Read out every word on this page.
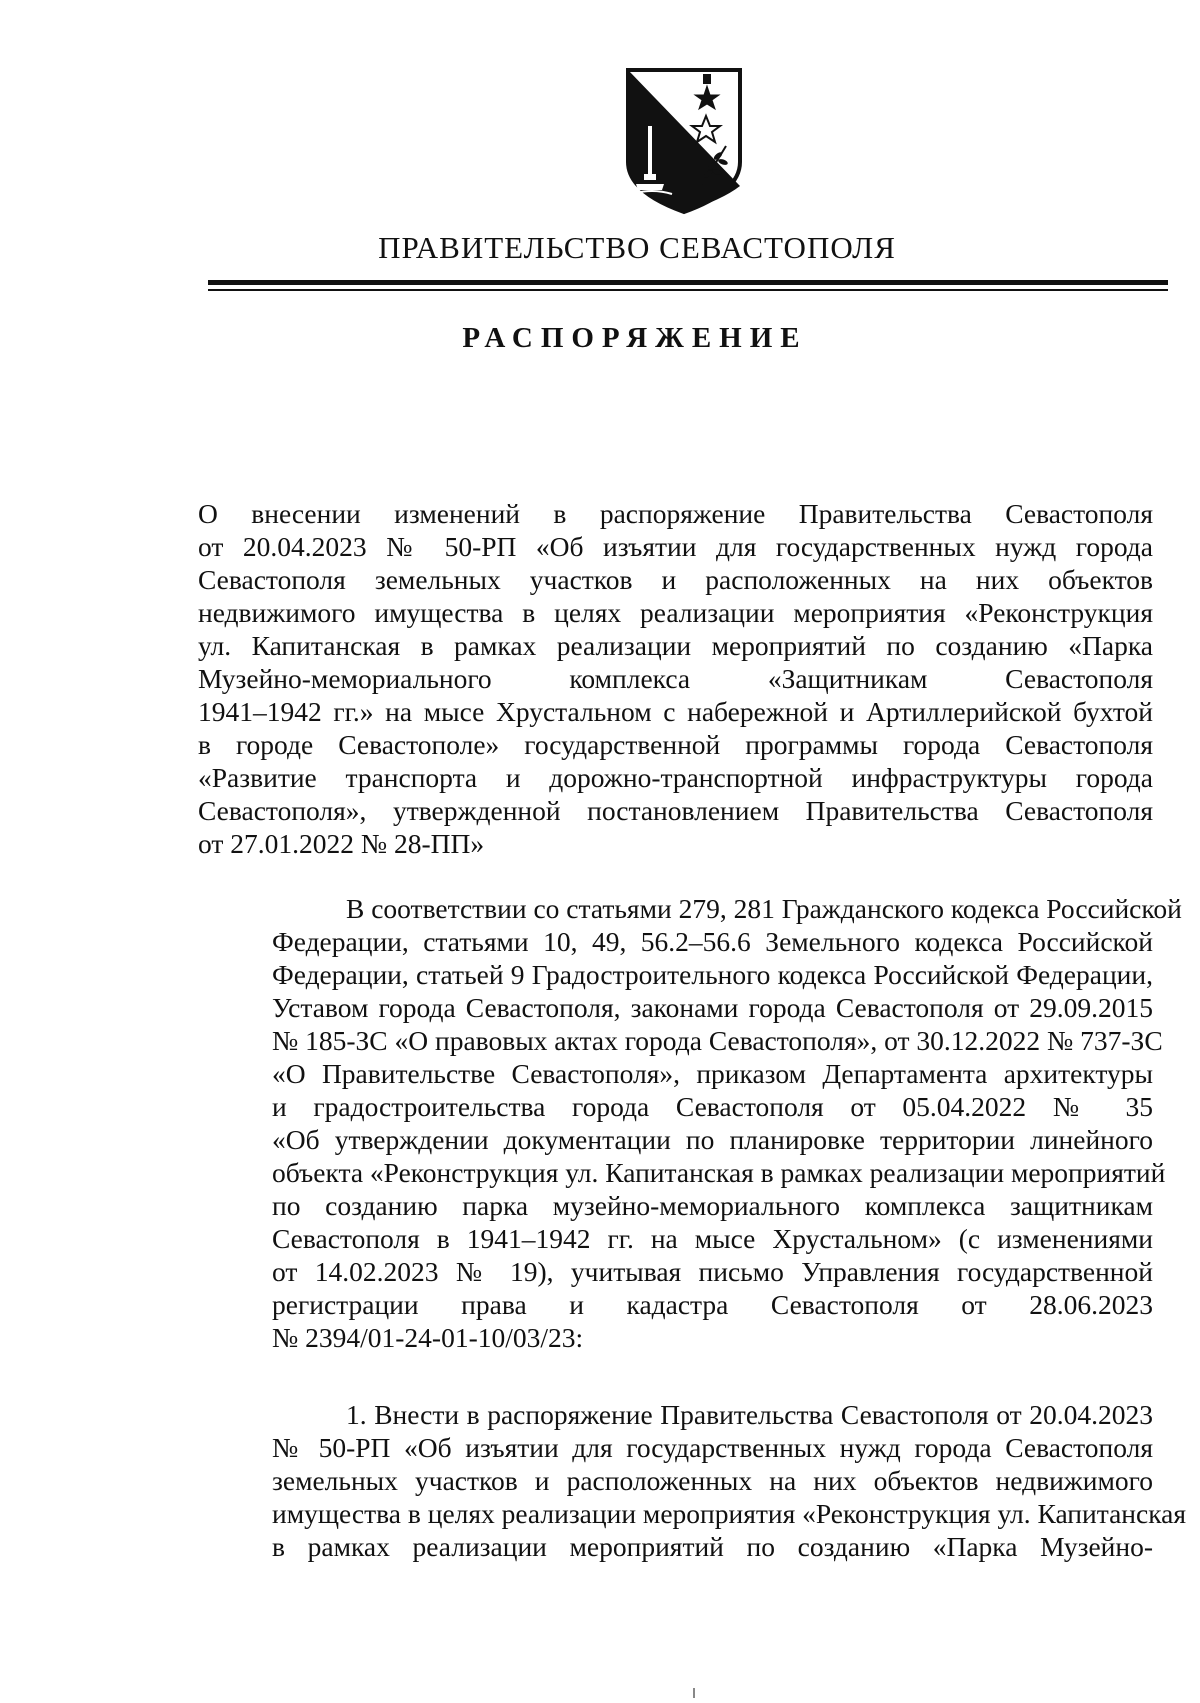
ПРАВИТЕЛЬСТВО СЕВАСТОПОЛЯ
РАСПОРЯЖЕНИЕ
О внесении изменений в распоряжение Правительства Севастополя
от 20.04.2023 № 50-РП «Об изъятии для государственных нужд города
Севастополя земельных участков и расположенных на них объектов
недвижимого имущества в целях реализации мероприятия «Реконструкция
ул. Капитанская в рамках реализации мероприятий по созданию «Парка
Музейно-мемориального комплекса «Защитникам Севастополя
1941–1942 гг.» на мысе Хрустальном с набережной и Артиллерийской бухтой
в городе Севастополе» государственной программы города Севастополя
«Развитие транспорта и дорожно-транспортной инфраструктуры города
Севастополя», утвержденной постановлением Правительства Севастополя
от 27.01.2022 № 28-ПП»
В соответствии со статьями 279, 281 Гражданского кодекса Российской
Федерации, статьями 10, 49, 56.2–56.6 Земельного кодекса Российской
Федерации, статьей 9 Градостроительного кодекса Российской Федерации,
Уставом города Севастополя, законами города Севастополя от 29.09.2015
№ 185-ЗС «О правовых актах города Севастополя», от 30.12.2022 № 737-ЗС
«О Правительстве Севастополя», приказом Департамента архитектуры
и градостроительства города Севастополя от 05.04.2022 № 35
«Об утверждении документации по планировке территории линейного
объекта «Реконструкция ул. Капитанская в рамках реализации мероприятий
по созданию парка музейно-мемориального комплекса защитникам
Севастополя в 1941–1942 гг. на мысе Хрустальном» (с изменениями
от 14.02.2023 № 19), учитывая письмо Управления государственной
регистрации права и кадастра Севастополя от 28.06.2023
№ 2394/01-24-01-10/03/23:
1. Внести в распоряжение Правительства Севастополя от 20.04.2023
№ 50-РП «Об изъятии для государственных нужд города Севастополя
земельных участков и расположенных на них объектов недвижимого
имущества в целях реализации мероприятия «Реконструкция ул. Капитанская
в рамках реализации мероприятий по созданию «Парка Музейно-
